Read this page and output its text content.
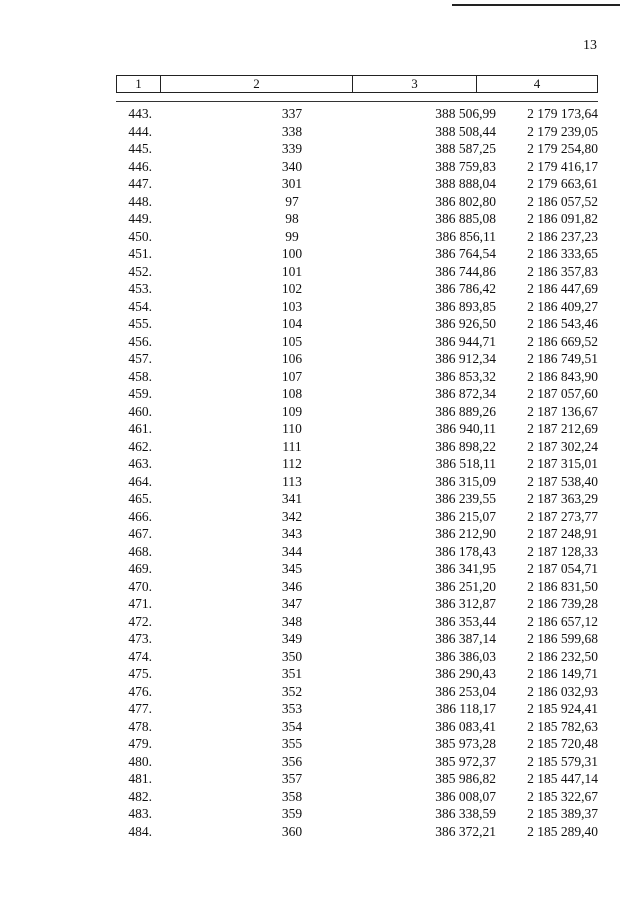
13
1	2	3	4
443.	337	388 506,99	2 179 173,64
444.	338	388 508,44	2 179 239,05
445.	339	388 587,25	2 179 254,80
446.	340	388 759,83	2 179 416,17
447.	301	388 888,04	2 179 663,61
448.	97	386 802,80	2 186 057,52
449.	98	386 885,08	2 186 091,82
450.	99	386 856,11	2 186 237,23
451.	100	386 764,54	2 186 333,65
452.	101	386 744,86	2 186 357,83
453.	102	386 786,42	2 186 447,69
454.	103	386 893,85	2 186 409,27
455.	104	386 926,50	2 186 543,46
456.	105	386 944,71	2 186 669,52
457.	106	386 912,34	2 186 749,51
458.	107	386 853,32	2 186 843,90
459.	108	386 872,34	2 187 057,60
460.	109	386 889,26	2 187 136,67
461.	110	386 940,11	2 187 212,69
462.	111	386 898,22	2 187 302,24
463.	112	386 518,11	2 187 315,01
464.	113	386 315,09	2 187 538,40
465.	341	386 239,55	2 187 363,29
466.	342	386 215,07	2 187 273,77
467.	343	386 212,90	2 187 248,91
468.	344	386 178,43	2 187 128,33
469.	345	386 341,95	2 187 054,71
470.	346	386 251,20	2 186 831,50
471.	347	386 312,87	2 186 739,28
472.	348	386 353,44	2 186 657,12
473.	349	386 387,14	2 186 599,68
474.	350	386 386,03	2 186 232,50
475.	351	386 290,43	2 186 149,71
476.	352	386 253,04	2 186 032,93
477.	353	386 118,17	2 185 924,41
478.	354	386 083,41	2 185 782,63
479.	355	385 973,28	2 185 720,48
480.	356	385 972,37	2 185 579,31
481.	357	385 986,82	2 185 447,14
482.	358	386 008,07	2 185 322,67
483.	359	386 338,59	2 185 389,37
484.	360	386 372,21	2 185 289,40
